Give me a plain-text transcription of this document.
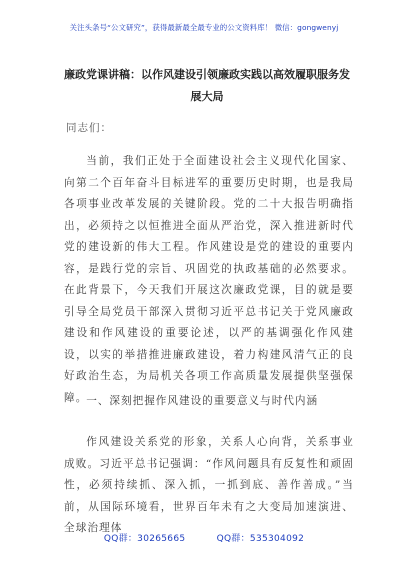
关注头条号“公文研究”，获得最新最全最专业的公文资料库！ 微信：gongwenyj
廉政党课讲稿：以作风建设引领廉政实践以高效履职服务发展大局
同志们：
当前，我们正处于全面建设社会主义现代化国家、向第二个百年奋斗目标进军的重要历史时期，也是我局各项事业改革发展的关键阶段。党的二十大报告明确指出，必须持之以恒推进全面从严治党，深入推进新时代党的建设新的伟大工程。作风建设是党的建设的重要内容，是践行党的宗旨、巩固党的执政基础的必然要求。在此背景下，今天我们开展这次廉政党课，目的就是要引导全局党员干部深入贯彻习近平总书记关于党风廉政建设和作风建设的重要论述，以严的基调强化作风建设，以实的举措推进廉政建设，着力构建风清气正的良好政治生态，为局机关各项工作高质量发展提供坚强保障。
一、深刻把握作风建设的重要意义与时代内涵
作风建设关系党的形象，关系人心向背，关系事业成败。习近平总书记强调：“作风问题具有反复性和顽固性，必须持续抓、深入抓，一抓到底、善作善成。”当前，从国际环境看，世界百年未有之大变局加速演进、全球治理体
QQ群：30265665	QQ群：535304092
